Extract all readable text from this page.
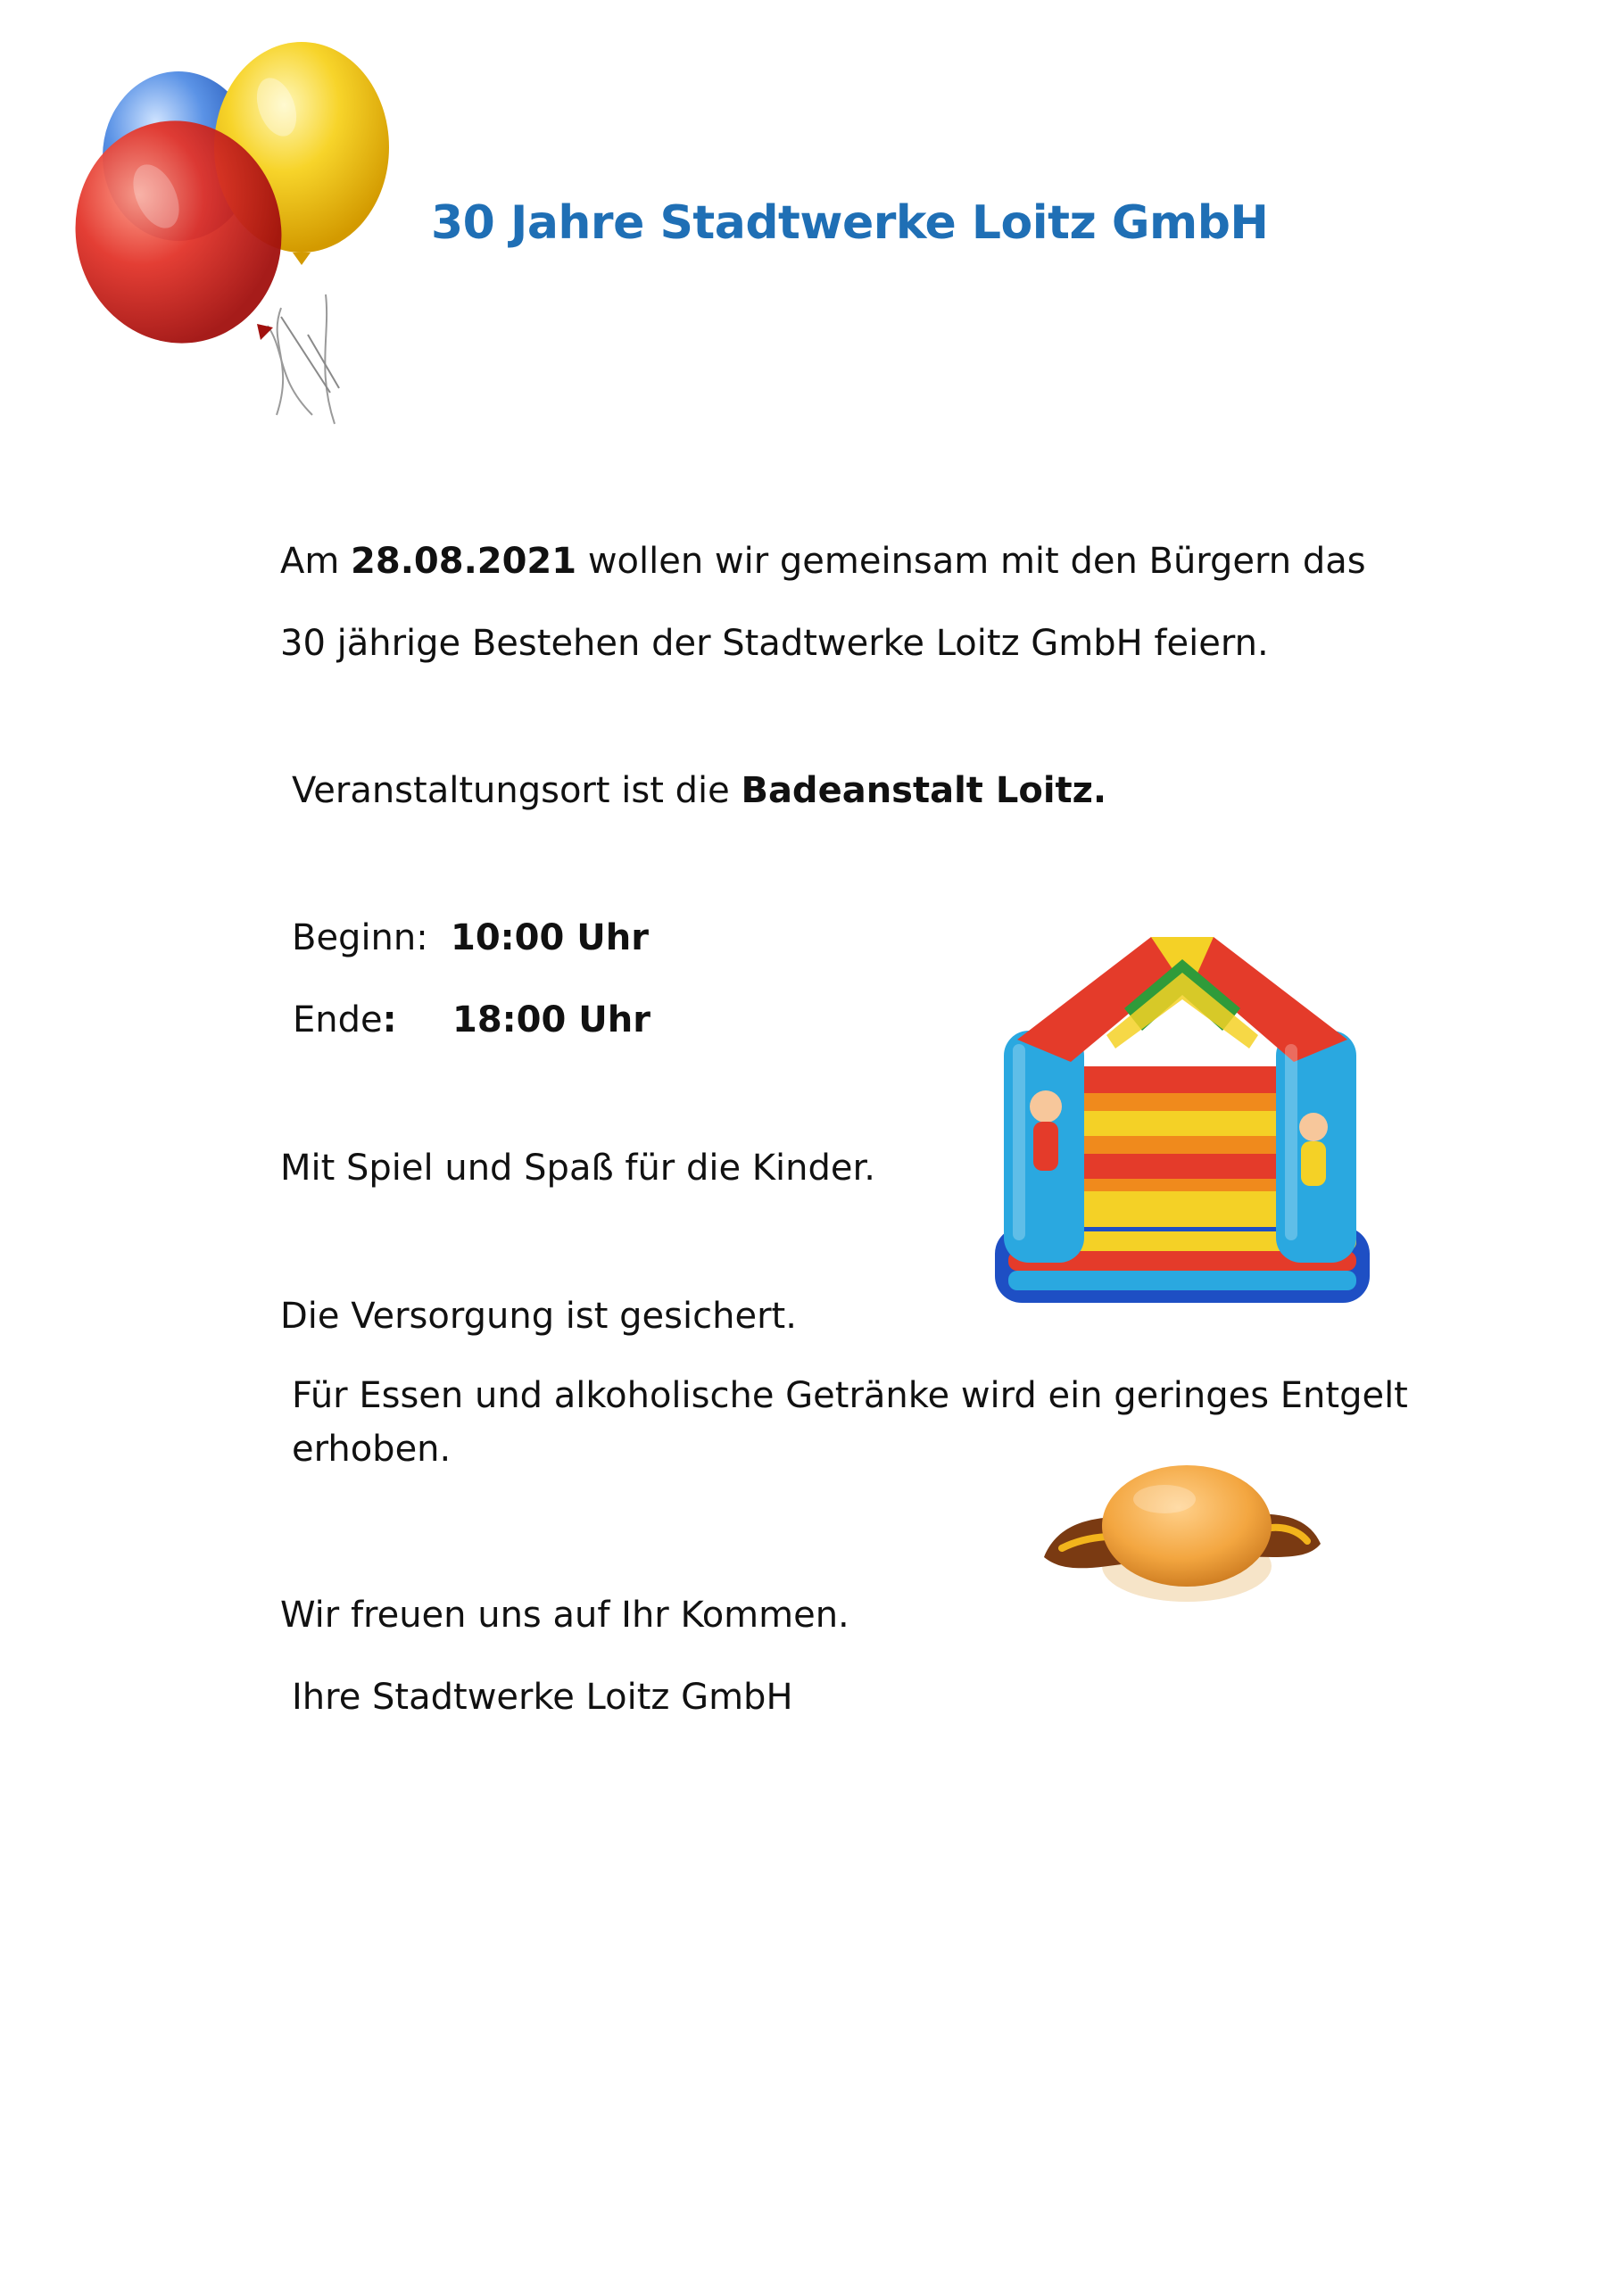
30 Jahre Stadtwerke Loitz GmbH
Am 28.08.2021 wollen wir gemeinsam mit den Bürgern das
30 jährige Bestehen der Stadtwerke Loitz GmbH feiern.
Veranstaltungsort ist die Badeanstalt Loitz.
Beginn: 10:00 Uhr
Ende: 18:00 Uhr
Mit Spiel und Spaß für die Kinder.
Die Versorgung ist gesichert.
Für Essen und alkoholische Getränke wird ein geringes Entgelt erhoben.
Wir freuen uns auf Ihr Kommen.
Ihre Stadtwerke Loitz GmbH
